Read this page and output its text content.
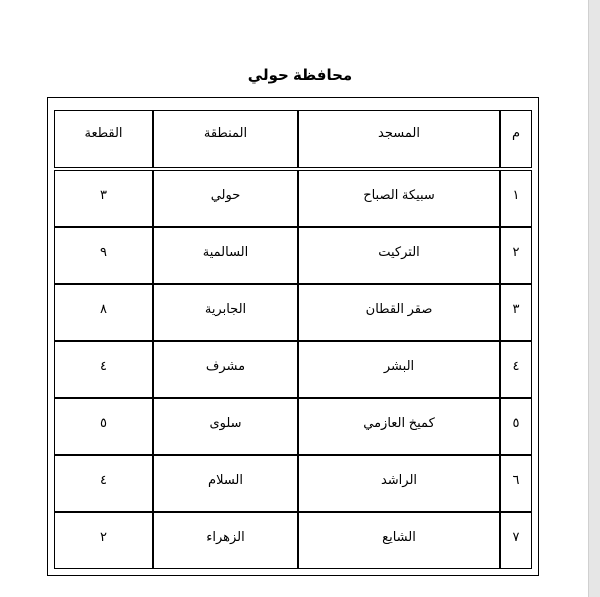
محافظة حولي
م
المسجد
المنطقة
القطعة
١
سبيكة الصباح
حولي
٣
٢
التركيت
السالمية
٩
٣
صقر القطان
الجابرية
٨
٤
البشر
مشرف
٤
٥
كميخ العازمي
سلوى
٥
٦
الراشد
السلام
٤
٧
الشايع
الزهراء
٢
